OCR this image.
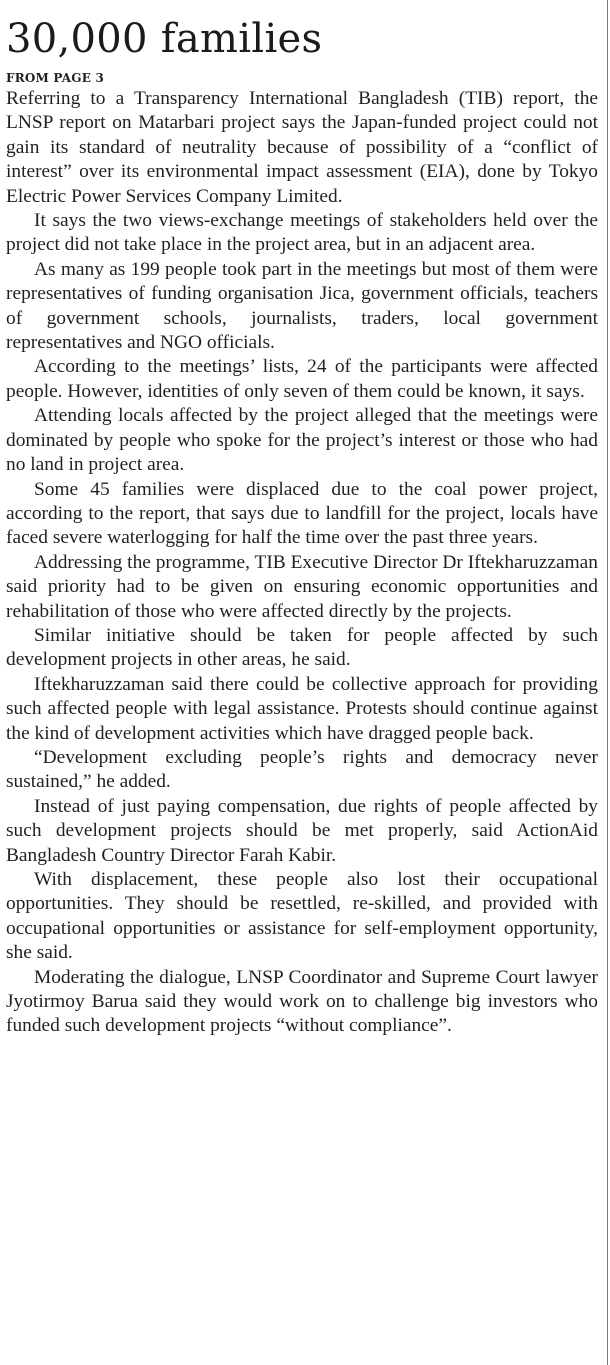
30,000 families
FROM PAGE 3

Referring to a Transparency International Bangladesh (TIB) report, the LNSP report on Matarbari project says the Japan-funded project could not gain its standard of neutrality because of possibility of a “conflict of interest” over its environmental impact assessment (EIA), done by Tokyo Electric Power Services Company Limited.

It says the two views-exchange meetings of stakeholders held over the project did not take place in the project area, but in an adjacent area.

As many as 199 people took part in the meetings but most of them were representatives of funding organisation Jica, government officials, teachers of government schools, journalists, traders, local government representatives and NGO officials.

According to the meetings’ lists, 24 of the participants were affected people. However, identities of only seven of them could be known, it says.

Attending locals affected by the project alleged that the meetings were dominated by people who spoke for the project’s interest or those who had no land in project area.

Some 45 families were displaced due to the coal power project, according to the report, that says due to landfill for the project, locals have faced severe waterlogging for half the time over the past three years.

Addressing the programme, TIB Executive Director Dr Iftekharuzzaman said priority had to be given on ensuring economic opportunities and rehabilitation of those who were affected directly by the projects.

Similar initiative should be taken for people affected by such development projects in other areas, he said.

Iftekharuzzaman said there could be collective approach for providing such affected people with legal assistance. Protests should continue against the kind of development activities which have dragged people back.

“Development excluding people’s rights and democracy never sustained,” he added.

Instead of just paying compensation, due rights of people affected by such development projects should be met properly, said ActionAid Bangladesh Country Director Farah Kabir.

With displacement, these people also lost their occupational opportunities. They should be resettled, re-skilled, and provided with occupational opportunities or assistance for self-employment opportunity, she said.

Moderating the dialogue, LNSP Coordinator and Supreme Court lawyer Jyotirmoy Barua said they would work on to challenge big investors who funded such development projects “without compliance”.
